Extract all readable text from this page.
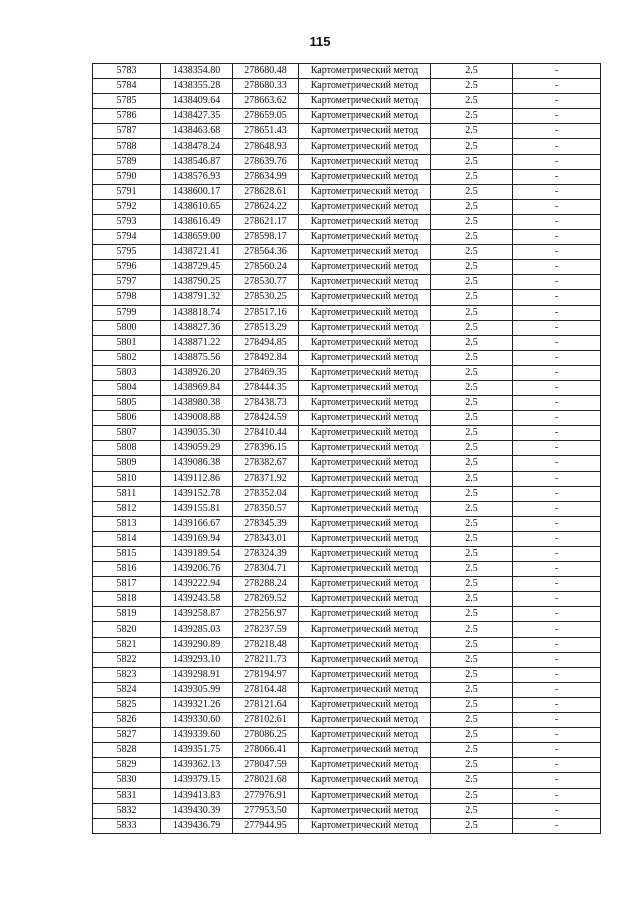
115
5783	1438354.80	278680.48	Картометрический метод	2.5	-
5784	1438355.28	278680.33	Картометрический метод	2.5	-
5785	1438409.64	278663.62	Картометрический метод	2.5	-
5786	1438427.35	278659.05	Картометрический метод	2.5	-
5787	1438463.68	278651.43	Картометрический метод	2.5	-
5788	1438478.24	278648.93	Картометрический метод	2.5	-
5789	1438546.87	278639.76	Картометрический метод	2.5	-
5790	1438576.93	278634.99	Картометрический метод	2.5	-
5791	1438600.17	278628.61	Картометрический метод	2.5	-
5792	1438610.65	278624.22	Картометрический метод	2.5	-
5793	1438616.49	278621.17	Картометрический метод	2.5	-
5794	1438659.00	278598.17	Картометрический метод	2.5	-
5795	1438721.41	278564.36	Картометрический метод	2.5	-
5796	1438729.45	278560.24	Картометрический метод	2.5	-
5797	1438790.25	278530.77	Картометрический метод	2.5	-
5798	1438791.32	278530.25	Картометрический метод	2.5	-
5799	1438818.74	278517.16	Картометрический метод	2.5	-
5800	1438827.36	278513.29	Картометрический метод	2.5	-
5801	1438871.22	278494.85	Картометрический метод	2.5	-
5802	1438875.56	278492.84	Картометрический метод	2.5	-
5803	1438926.20	278469.35	Картометрический метод	2.5	-
5804	1438969.84	278444.35	Картометрический метод	2.5	-
5805	1438980.38	278438.73	Картометрический метод	2.5	-
5806	1439008.88	278424.59	Картометрический метод	2.5	-
5807	1439035.30	278410.44	Картометрический метод	2.5	-
5808	1439059.29	278396.15	Картометрический метод	2.5	-
5809	1439086.38	278382.67	Картометрический метод	2.5	-
5810	1439112.86	278371.92	Картометрический метод	2.5	-
5811	1439152.78	278352.04	Картометрический метод	2.5	-
5812	1439155.81	278350.57	Картометрический метод	2.5	-
5813	1439166.67	278345.39	Картометрический метод	2.5	-
5814	1439169.94	278343.01	Картометрический метод	2.5	-
5815	1439189.54	278324.39	Картометрический метод	2.5	-
5816	1439206.76	278304.71	Картометрический метод	2.5	-
5817	1439222.94	278288.24	Картометрический метод	2.5	-
5818	1439243.58	278269.52	Картометрический метод	2.5	-
5819	1439258.87	278256.97	Картометрический метод	2.5	-
5820	1439285.03	278237.59	Картометрический метод	2.5	-
5821	1439290.89	278218.48	Картометрический метод	2.5	-
5822	1439293.10	278211.73	Картометрический метод	2.5	-
5823	1439298.91	278194.97	Картометрический метод	2.5	-
5824	1439305.99	278164.48	Картометрический метод	2.5	-
5825	1439321.26	278121.64	Картометрический метод	2.5	-
5826	1439330.60	278102.61	Картометрический метод	2.5	-
5827	1439339.60	278086.25	Картометрический метод	2.5	-
5828	1439351.75	278066.41	Картометрический метод	2.5	-
5829	1439362.13	278047.59	Картометрический метод	2.5	-
5830	1439379.15	278021.68	Картометрический метод	2.5	-
5831	1439413.83	277976.91	Картометрический метод	2.5	-
5832	1439430.39	277953.50	Картометрический метод	2.5	-
5833	1439436.79	277944.95	Картометрический метод	2.5	-
